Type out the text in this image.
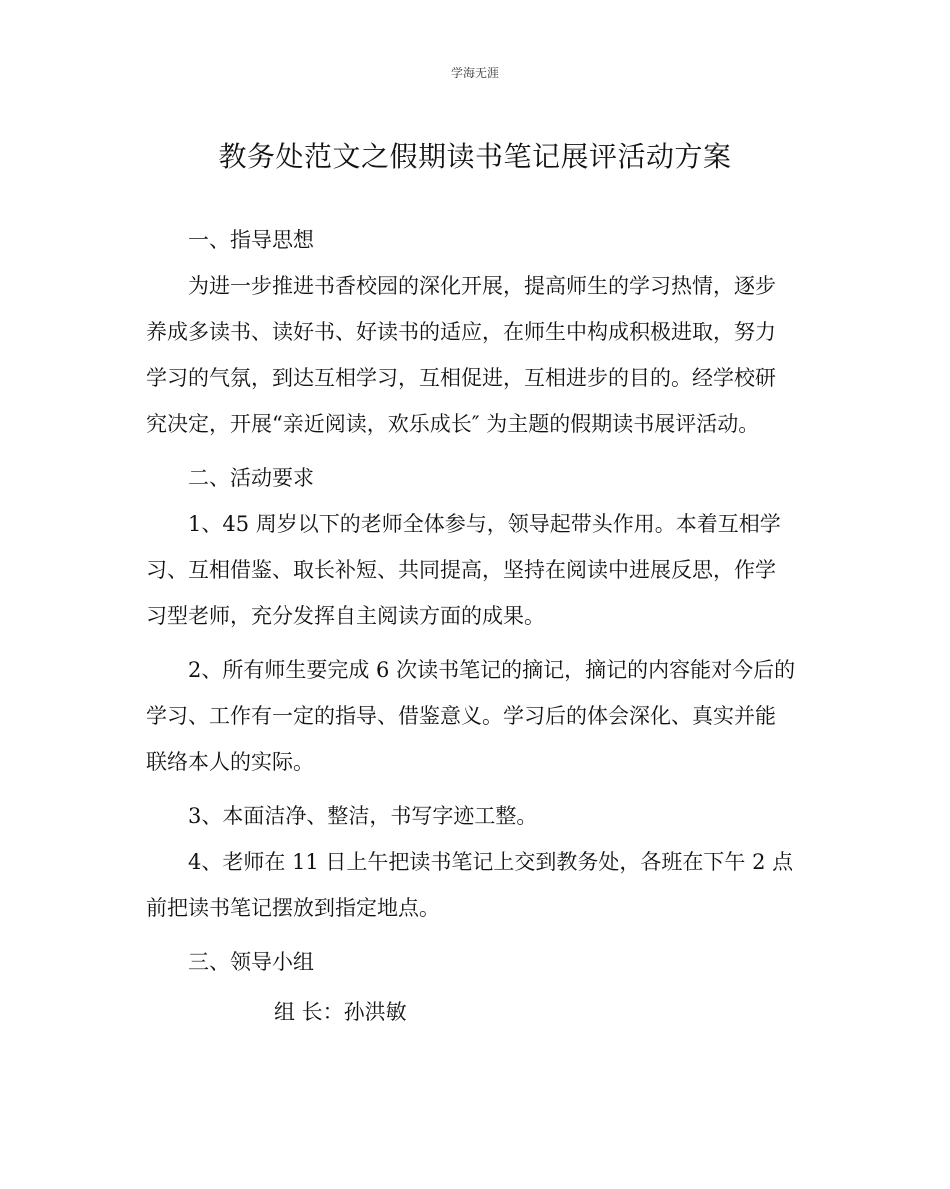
学海无涯
教务处范文之假期读书笔记展评活动方案

一、指导思想

为进一步推进书香校园的深化开展，提高师生的学习热情，逐步

养成多读书、读好书、好读书的适应，在师生中构成积极进取，努力

学习的气氛，到达互相学习，互相促进，互相进步的目的。经学校研

究决定，开展“亲近阅读，欢乐成长″ 为主题的假期读书展评活动。

二、活动要求

1、45 周岁以下的老师全体参与，领导起带头作用。本着互相学

习、互相借鉴、取长补短、共同提高，坚持在阅读中进展反思，作学

习型老师，充分发挥自主阅读方面的成果。

2、所有师生要完成 6 次读书笔记的摘记，摘记的内容能对今后的

学习、工作有一定的指导、借鉴意义。学习后的体会深化、真实并能

联络本人的实际。

3、本面洁净、整洁，书写字迹工整。

4、老师在 11 日上午把读书笔记上交到教务处，各班在下午 2 点

前把读书笔记摆放到指定地点。

三、领导小组

组 长：孙洪敏
